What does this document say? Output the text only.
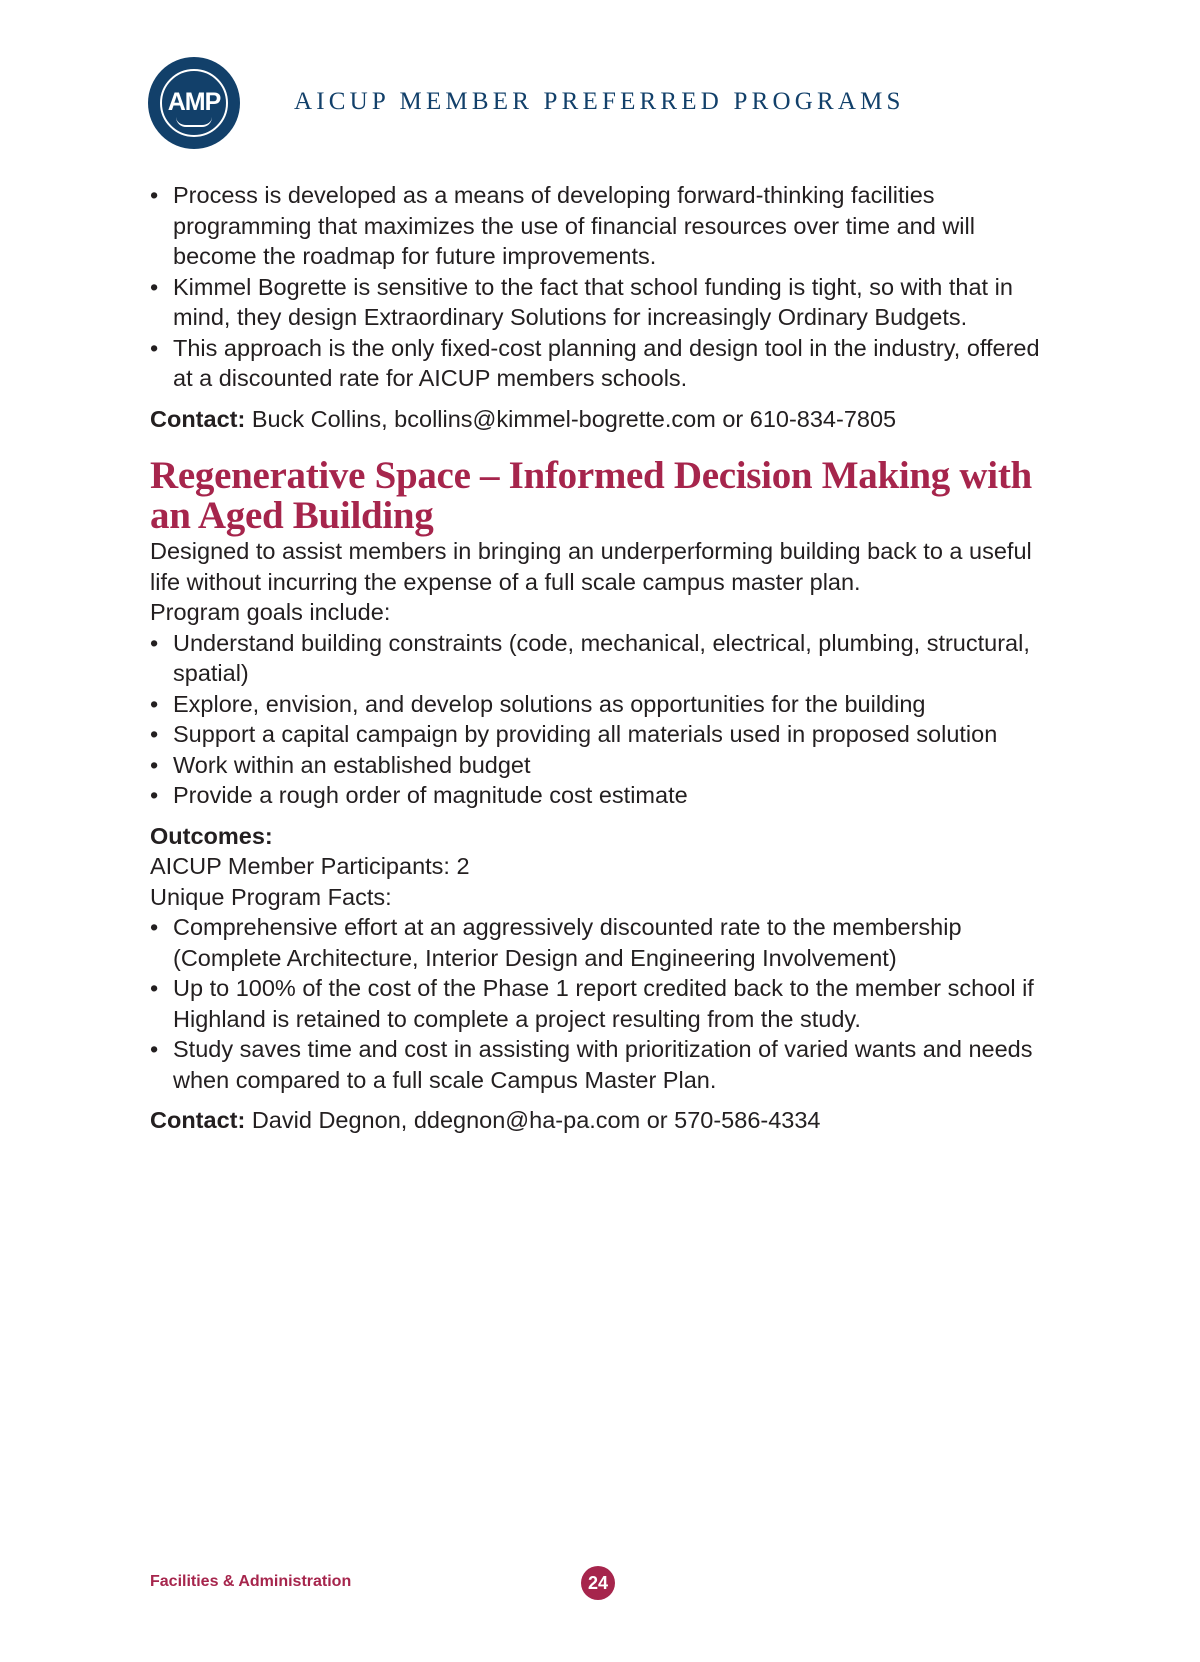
AMP	AICUP MEMBER PREFERRED PROGRAMS
• Process is developed as a means of developing forward-thinking facilities programming that maximizes the use of financial resources over time and will become the roadmap for future improvements.
• Kimmel Bogrette is sensitive to the fact that school funding is tight, so with that in mind, they design Extraordinary Solutions for increasingly Ordinary Budgets.
• This approach is the only fixed-cost planning and design tool in the industry, offered at a discounted rate for AICUP members schools.
Contact: Buck Collins, bcollins@kimmel-bogrette.com or 610-834-7805
Regenerative Space – Informed Decision Making with an Aged Building

Designed to assist members in bringing an underperforming building back to a useful life without incurring the expense of a full scale campus master plan.

Program goals include:

• Understand building constraints (code, mechanical, electrical, plumbing, structural, spatial)
• Explore, envision, and develop solutions as opportunities for the building
• Support a capital campaign by providing all materials used in proposed solution
• Work within an established budget
• Provide a rough order of magnitude cost estimate
Outcomes:
AICUP Member Participants: 2
Unique Program Facts:
• Comprehensive effort at an aggressively discounted rate to the membership (Complete Architecture, Interior Design and Engineering Involvement)
• Up to 100% of the cost of the Phase 1 report credited back to the member school if Highland is retained to complete a project resulting from the study.
• Study saves time and cost in assisting with prioritization of varied wants and needs when compared to a full scale Campus Master Plan.
Contact: David Degnon, ddegnon@ha-pa.com or 570-586-4334
Facilities & Administration	24
